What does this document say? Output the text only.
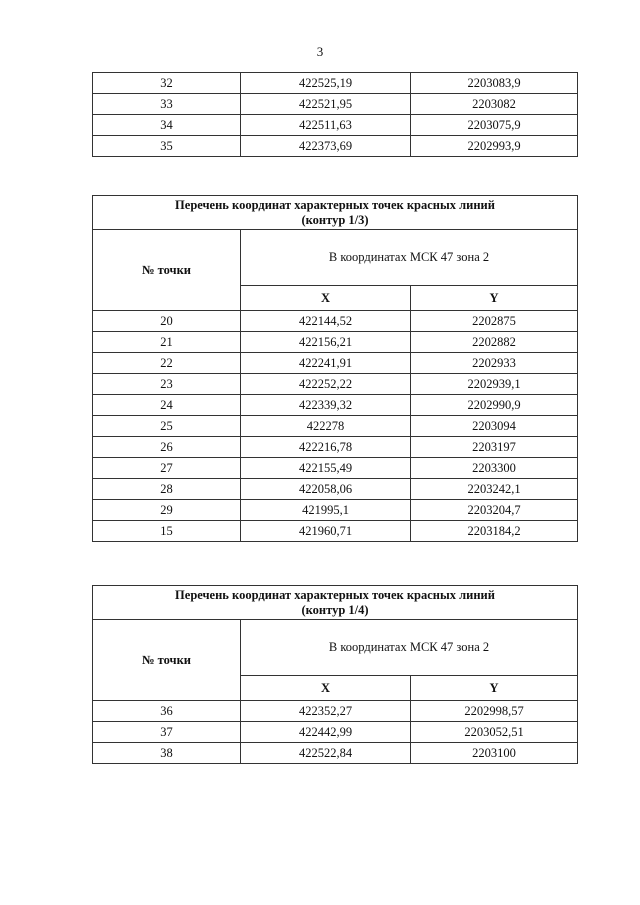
3
32	422525,19	2203083,9
33	422521,95	2203082
34	422511,63	2203075,9
35	422373,69	2202993,9
Перечень координат характерных точек красных линий
(контур 1/3)		

№ точки	В координатах МСК 47 зона 2	
	X	Y
20	422144,52	2202875
21	422156,21	2202882
22	422241,91	2202933
23	422252,22	2202939,1
24	422339,32	2202990,9
25	422278	2203094
26	422216,78	2203197
27	422155,49	2203300
28	422058,06	2203242,1
29	421995,1	2203204,7
15	421960,71	2203184,2
Перечень координат характерных точек красных линий
(контур 1/4)		

№ точки	В координатах МСК 47 зона 2	
	X	Y
36	422352,27	2202998,57
37	422442,99	2203052,51
38	422522,84	2203100
